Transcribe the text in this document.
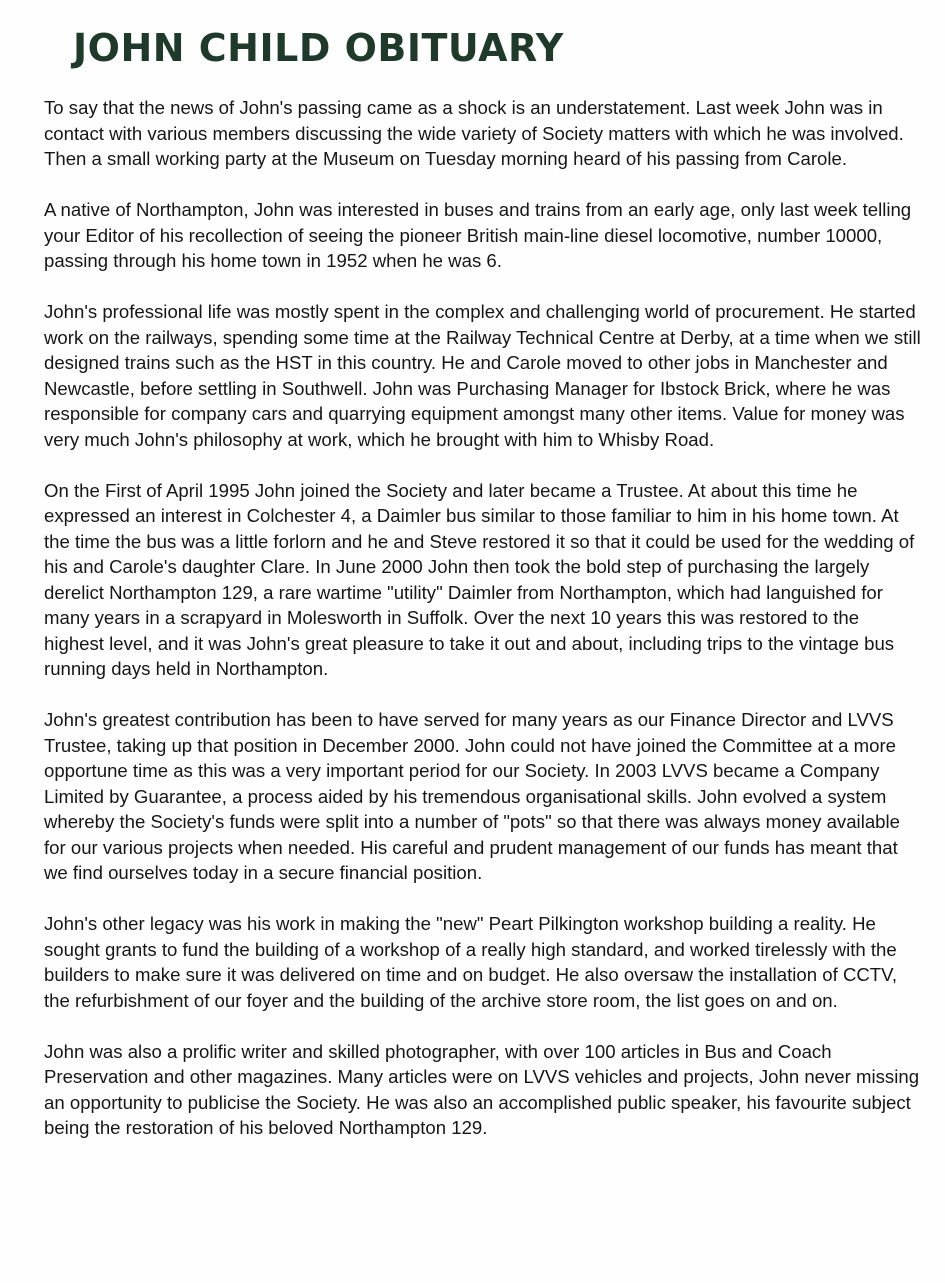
JOHN CHILD OBITUARY

To say that the news of John's passing came as a shock is an understatement. Last week John was in contact with various members discussing the wide variety of Society matters with which he was involved. Then a small working party at the Museum on Tuesday morning heard of his passing from Carole.

A native of Northampton, John was interested in buses and trains from an early age, only last week telling your Editor of his recollection of seeing the pioneer British main-line diesel locomotive, number 10000, passing through his home town in 1952 when he was 6.

John's professional life was mostly spent in the complex and challenging world of procurement. He started work on the railways, spending some time at the Railway Technical Centre at Derby, at a time when we still designed trains such as the HST in this country. He and Carole moved to other jobs in Manchester and Newcastle, before settling in Southwell. John was Purchasing Manager for Ibstock Brick, where he was responsible for company cars and quarrying equipment amongst many other items. Value for money was very much John's philosophy at work, which he brought with him to Whisby Road.

On the First of April 1995 John joined the Society and later became a Trustee. At about this time he expressed an interest in Colchester 4, a Daimler bus similar to those familiar to him in his home town. At the time the bus was a little forlorn and he and Steve restored it so that it could be used for the wedding of his and Carole's daughter Clare. In June 2000 John then took the bold step of purchasing the largely derelict Northampton 129, a rare wartime "utility" Daimler from Northampton, which had languished for many years in a scrapyard in Molesworth in Suffolk. Over the next 10 years this was restored to the highest level, and it was John's great pleasure to take it out and about, including trips to the vintage bus running days held in Northampton.

John's greatest contribution has been to have served for many years as our Finance Director and LVVS Trustee, taking up that position in December 2000. John could not have joined the Committee at a more opportune time as this was a very important period for our Society. In 2003 LVVS became a Company Limited by Guarantee, a process aided by his tremendous organisational skills. John evolved a system whereby the Society's funds were split into a number of "pots" so that there was always money available for our various projects when needed. His careful and prudent management of our funds has meant that we find ourselves today in a secure financial position.

John's other legacy was his work in making the "new" Peart Pilkington workshop building a reality. He sought grants to fund the building of a workshop of a really high standard, and worked tirelessly with the builders to make sure it was delivered on time and on budget. He also oversaw the installation of CCTV, the refurbishment of our foyer and the building of the archive store room, the list goes on and on.

John was also a prolific writer and skilled photographer, with over 100 articles in Bus and Coach Preservation and other magazines. Many articles were on LVVS vehicles and projects, John never missing an opportunity to publicise the Society. He was also an accomplished public speaker, his favourite subject being the restoration of his beloved Northampton 129.
